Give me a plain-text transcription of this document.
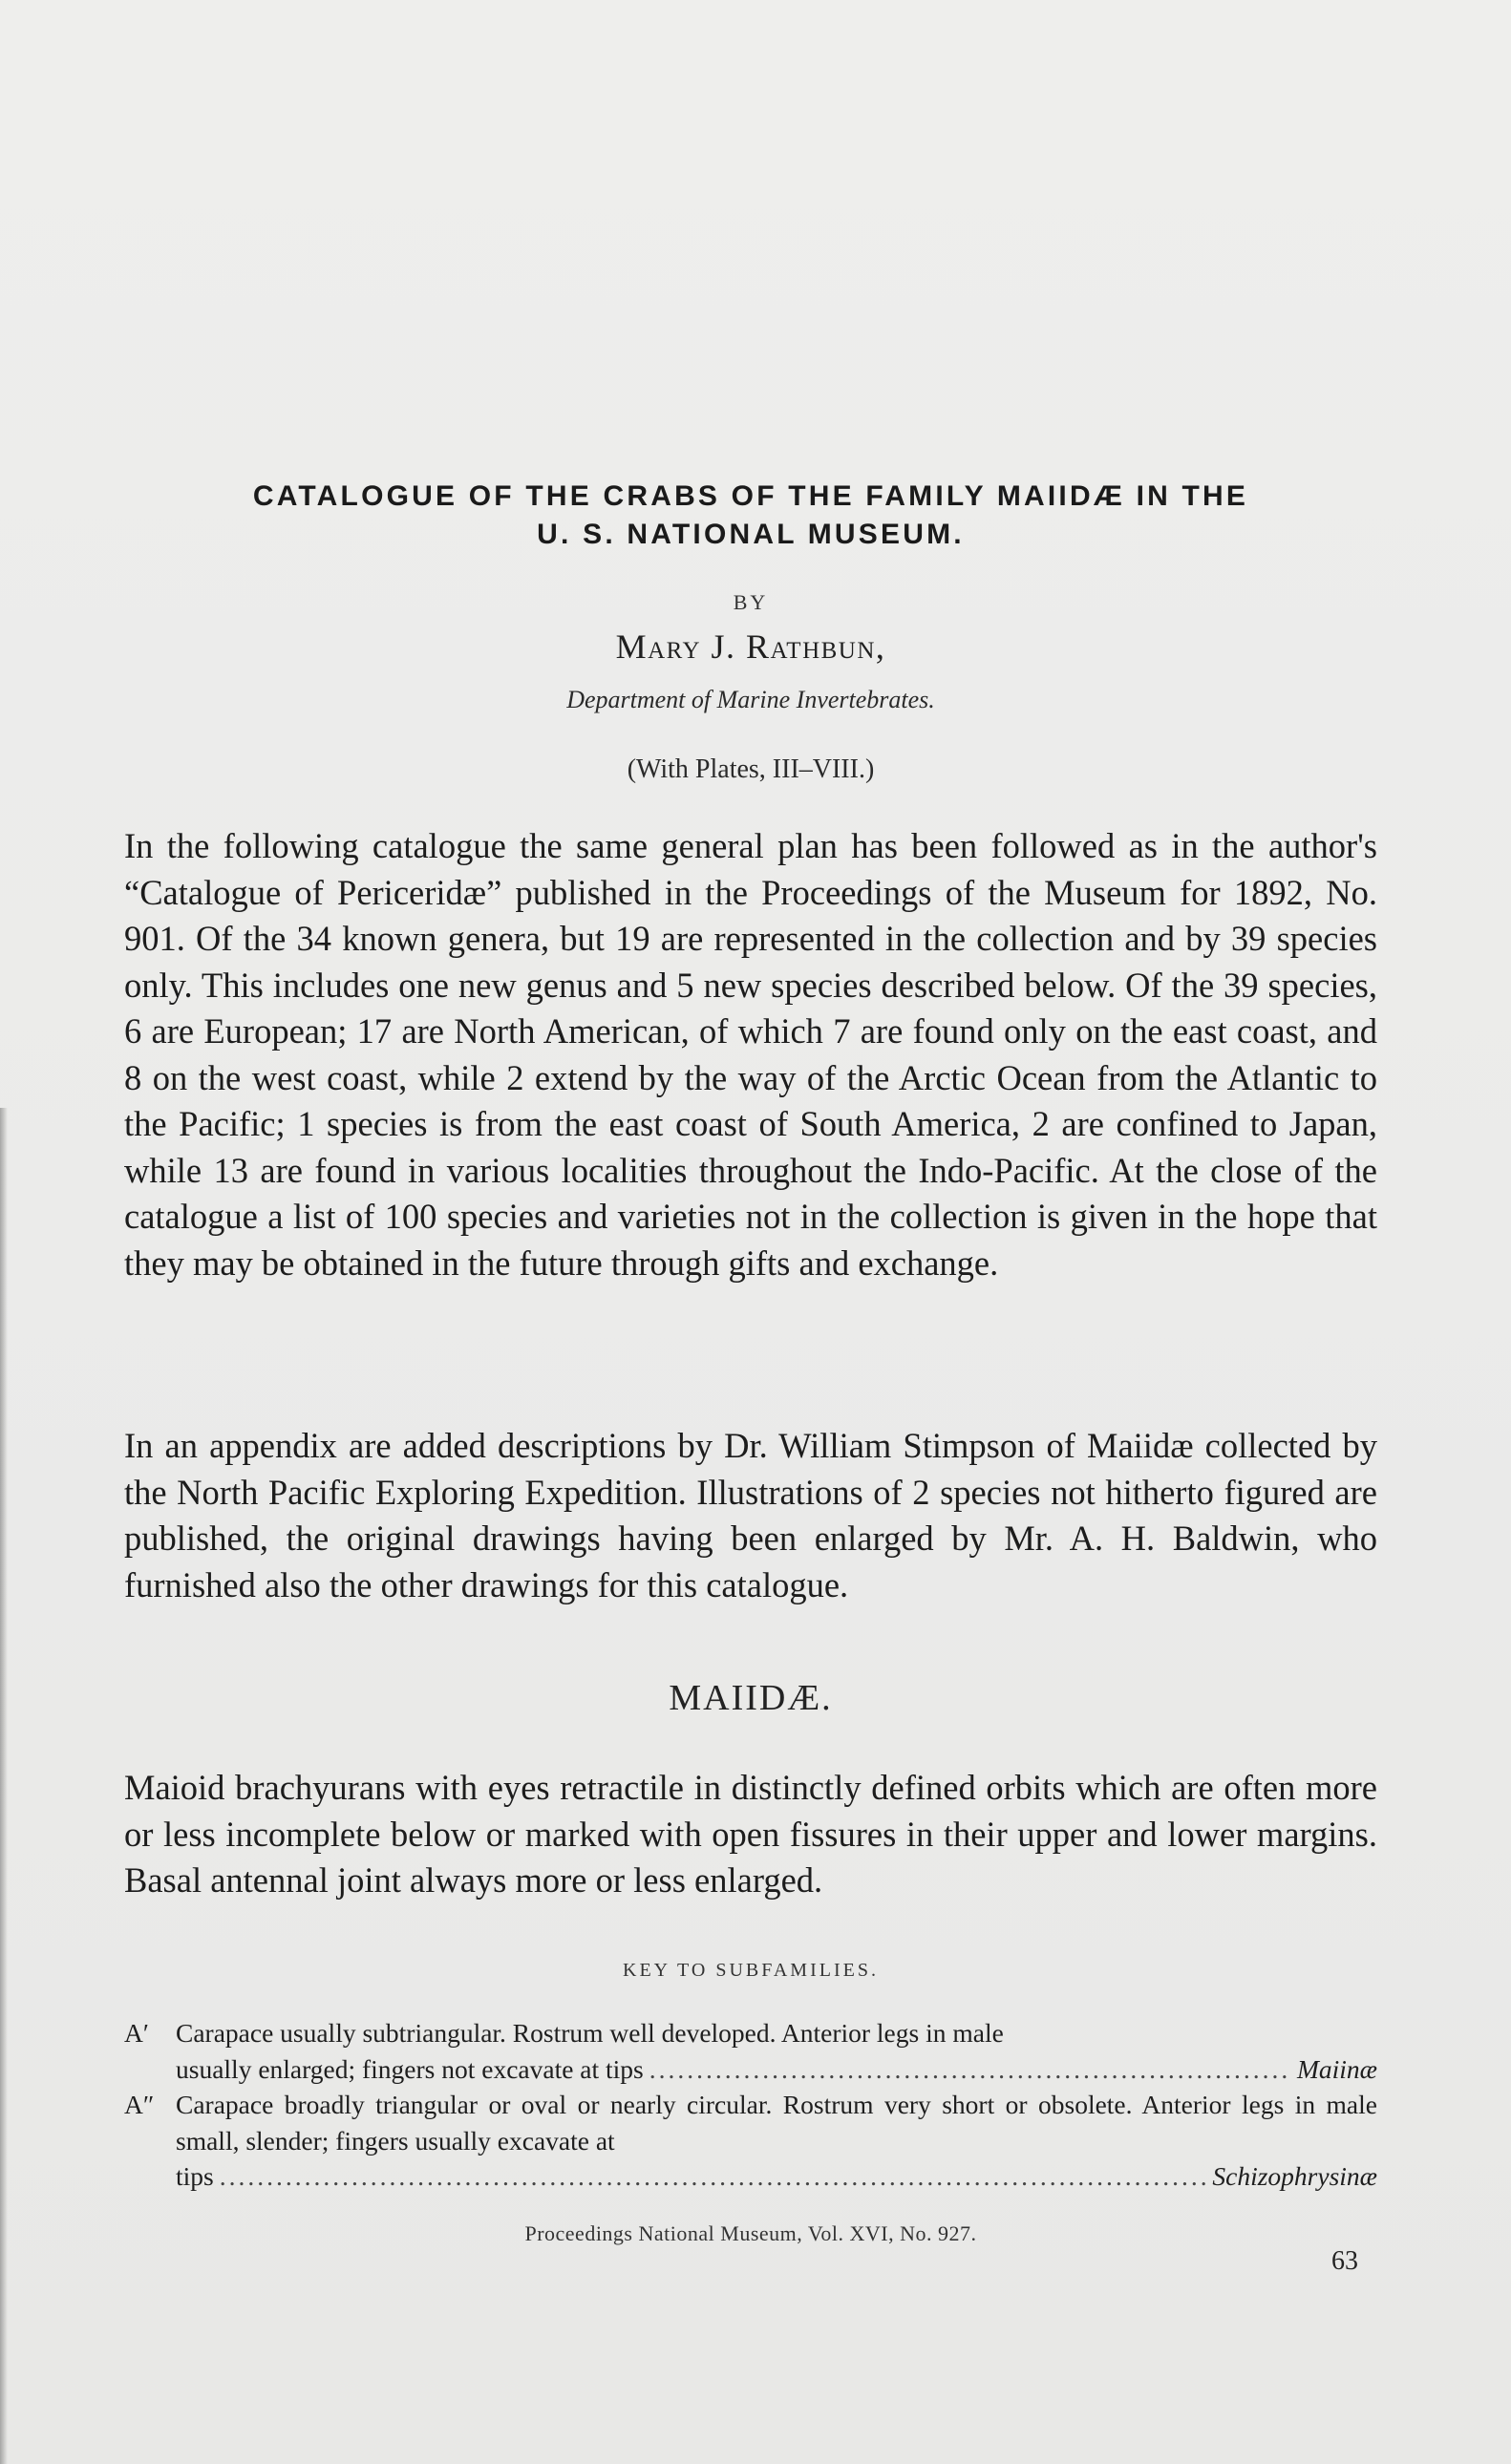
CATALOGUE OF THE CRABS OF THE FAMILY MAIIDÆ IN THE
U. S. NATIONAL MUSEUM.
BY
Mary J. Rathbun,
Department of Marine Invertebrates.
(With Plates, III–VIII.)

In the following catalogue the same general plan has been followed as in the author's “Catalogue of Periceridæ” published in the Proceedings of the Museum for 1892, No. 901. Of the 34 known genera, but 19 are represented in the collection and by 39 species only. This includes one new genus and 5 new species described below. Of the 39 species, 6 are European; 17 are North American, of which 7 are found only on the east coast, and 8 on the west coast, while 2 extend by the way of the Arctic Ocean from the Atlantic to the Pacific; 1 species is from the east coast of South America, 2 are confined to Japan, while 13 are found in various localities throughout the Indo-Pacific. At the close of the catalogue a list of 100 species and varieties not in the collection is given in the hope that they may be obtained in the future through gifts and exchange.

In an appendix are added descriptions by Dr. William Stimpson of Maiidæ collected by the North Pacific Exploring Expedition. Illustrations of 2 species not hitherto figured are published, the original drawings having been enlarged by Mr. A. H. Baldwin, who furnished also the other drawings for this catalogue.

MAIIDÆ.

Maioid brachyurans with eyes retractile in distinctly defined orbits which are often more or less incomplete below or marked with open fissures in their upper and lower margins. Basal antennal joint always more or less enlarged.

KEY TO SUBFAMILIES.
A′ Carapace usually subtriangular. Rostrum well developed. Anterior legs in male
usually enlarged; fingers not excavate at tips .....	Maiinæ
A″ Carapace broadly triangular or oval or nearly circular. Rostrum very short or obsolete. Anterior legs in male small, slender; fingers usually excavate at
tips .....	Schizophrysinæ
Proceedings National Museum, Vol. XVI, No. 927.
63
